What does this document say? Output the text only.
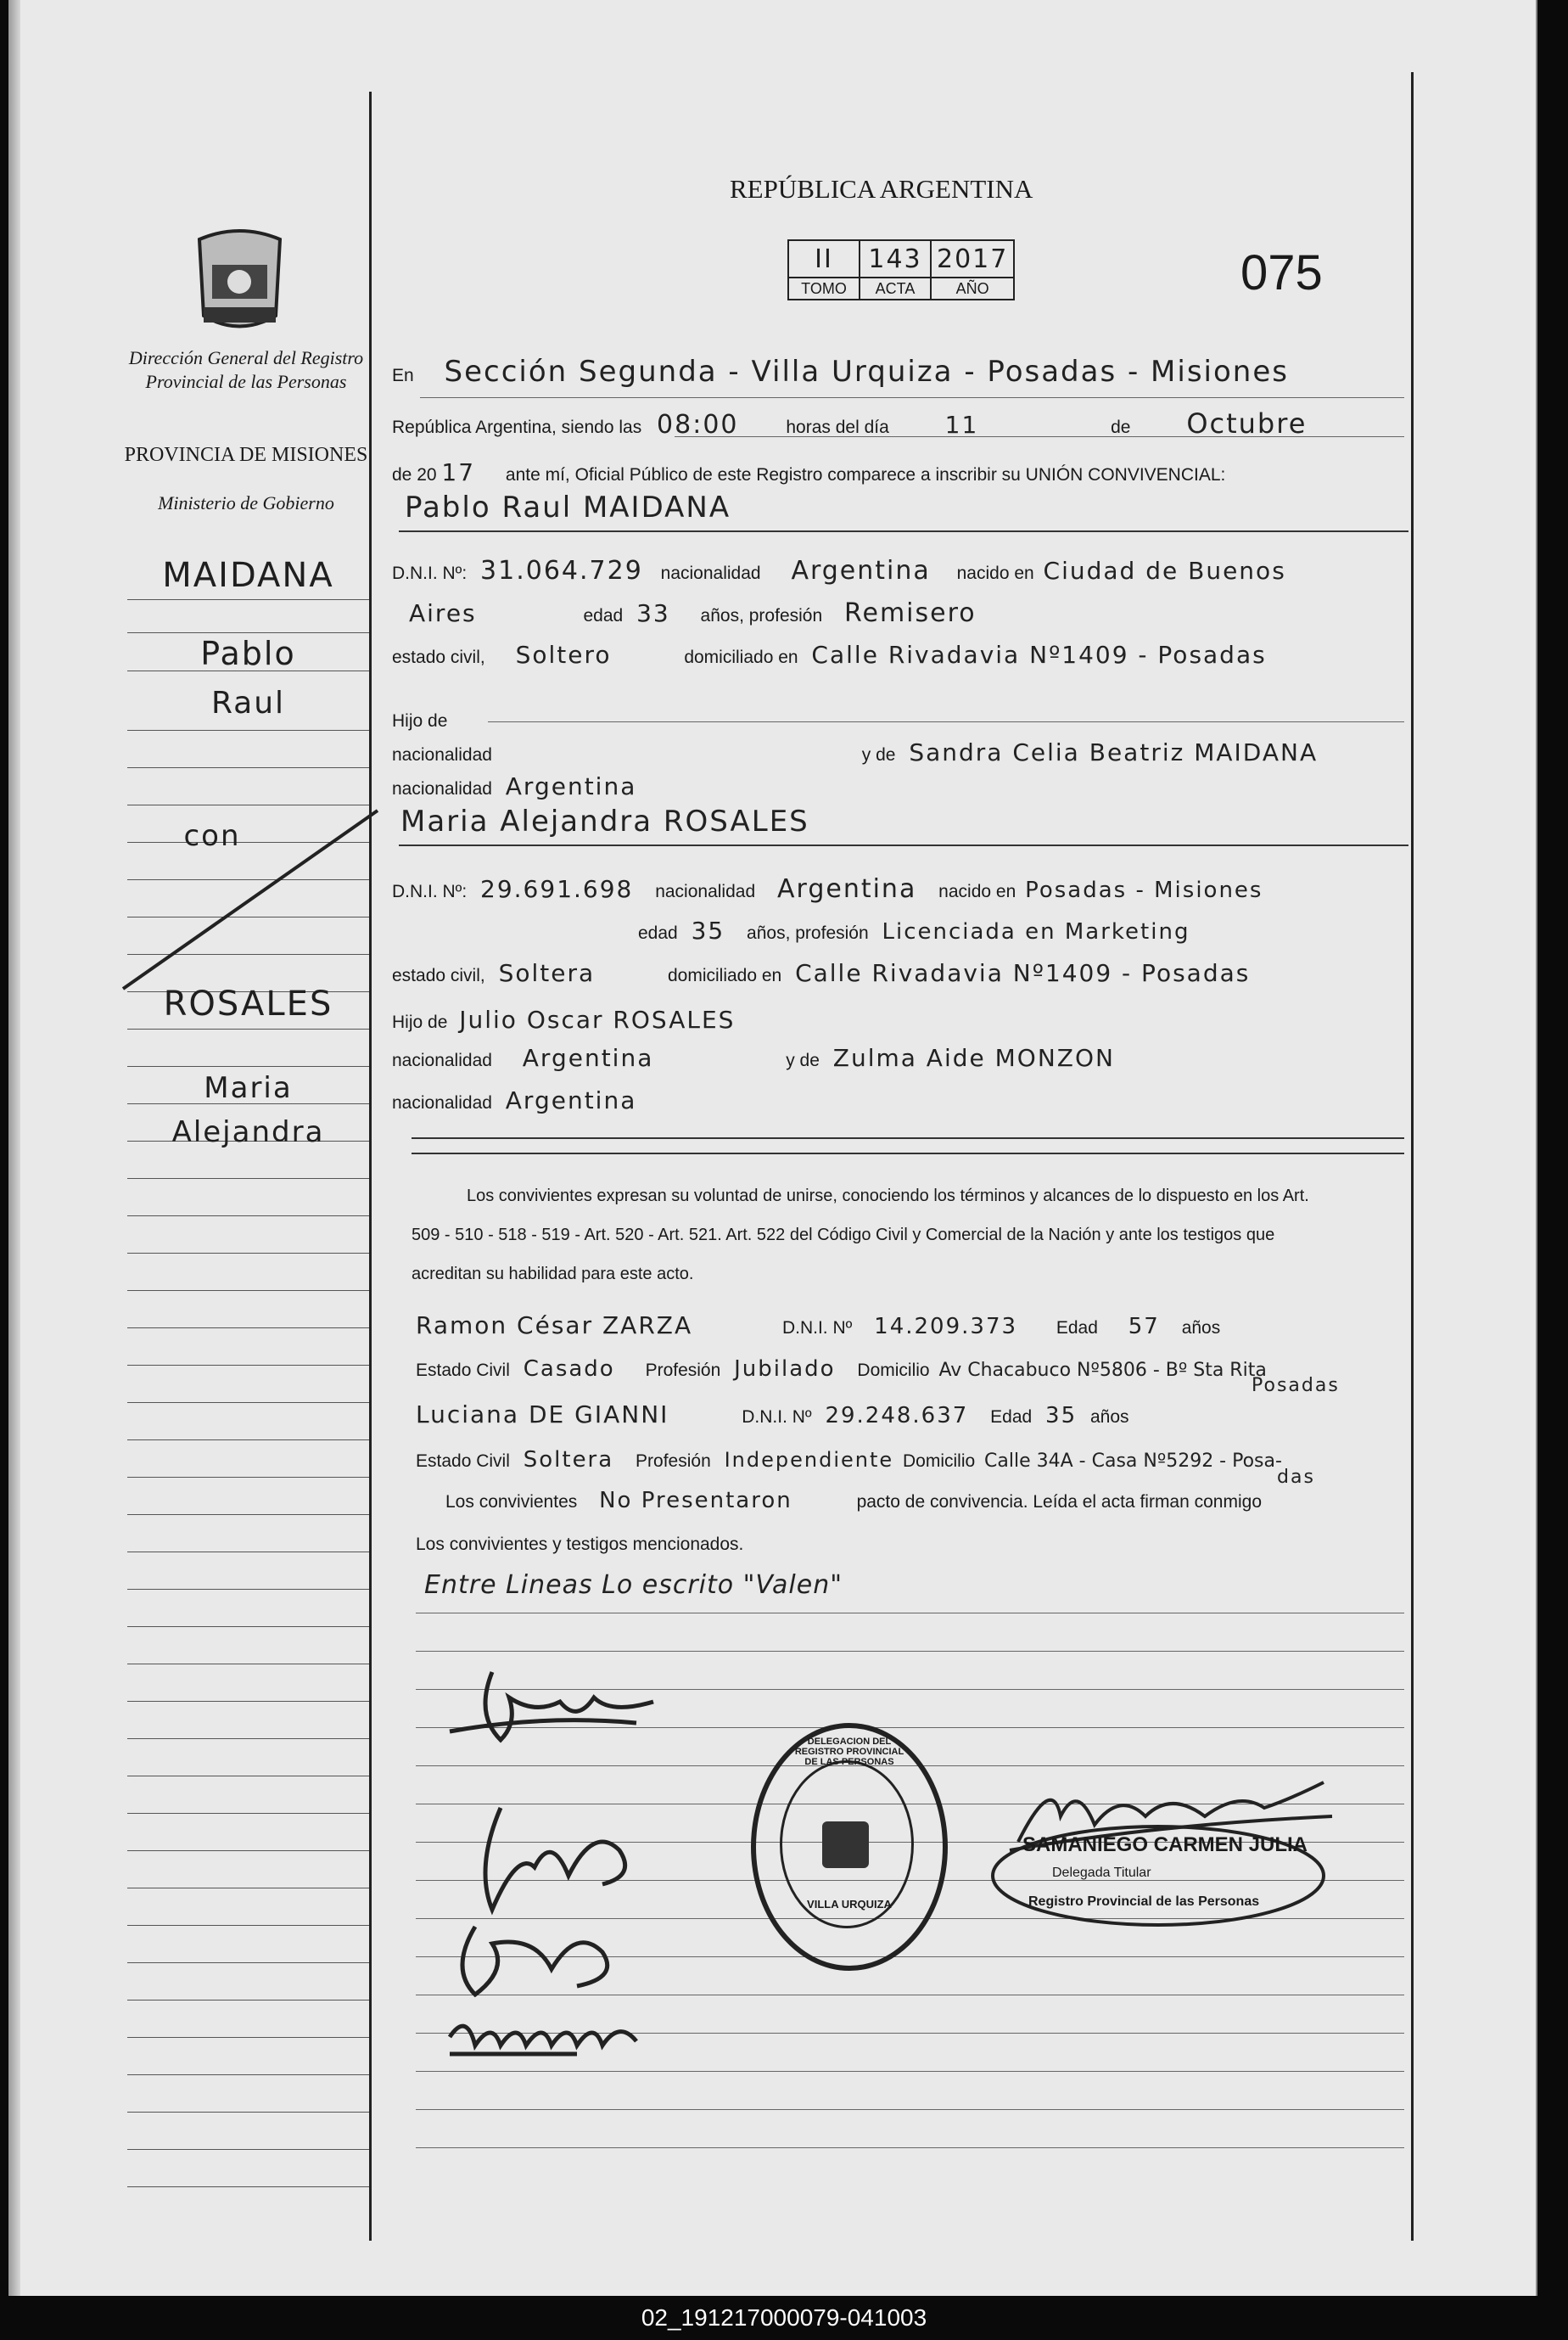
Dirección General del Registro Provincial de las Personas
PROVINCIA DE MISIONES
Ministerio de Gobierno
MAIDANA
Pablo
Raul
con
ROSALES
Maria
Alejandra
REPÚBLICA ARGENTINA
II	143	2017
TOMO	ACTA	AÑO	075
En Sección Segunda - Villa Urquiza - Posadas - Misiones
República Argentina, siendo las 08:00	horas del día 11	de Octubre
de 20 17 ante mí, Oficial Público de este Registro comparece a inscribir su UNIÓN CONVIVENCIAL:
Pablo Raul MAIDANA
D.N.I. Nº: 31.064.729 nacionalidad Argentina nacido en Ciudad de Buenos
Aires	edad 33 años, profesión Remisero
estado civil, Soltero	domiciliado en Calle Rivadavia Nº1409 - Posadas
Hijo de
nacionalidad	y de Sandra Celia Beatriz MAIDANA
nacionalidad Argentina
Maria Alejandra ROSALES
D.N.I. Nº: 29.691.698 nacionalidad Argentina nacido en Posadas - Misiones
edad 35 años, profesión Licenciada en Marketing
estado civil, Soltera	domiciliado en Calle Rivadavia Nº1409 - Posadas
Hijo de Julio Oscar ROSALES
nacionalidad Argentina	y de Zulma Aide MONZON
nacionalidad Argentina
Los convivientes expresan su voluntad de unirse, conociendo los términos y alcances de lo dispuesto en los Art.
509 - 510 - 518 - 519 - Art. 520 - Art. 521. Art. 522 del Código Civil y Comercial de la Nación y ante los testigos que
acreditan su habilidad para este acto.
Ramon César ZARZA	D.N.I. Nº 14.209.373 Edad 57 años
Estado Civil Casado Profesión Jubilado Domicilio Av Chacabuco Nº5806 - Bº Sta Rita
Posadas
Luciana DE GIANNI	D.N.I. Nº 29.248.637 Edad 35 años
Estado Civil Soltera Profesión Independiente Domicilio Calle 34A - Casa Nº5292 - Posa-
das
Los convivientes No Presentaron	pacto de convivencia. Leída el acta firman conmigo
Los convivientes y testigos mencionados.
Entre Lineas Lo escrito "Valen"
DELEGACION DEL REGISTRO PROVINCIAL DE LAS PERSONAS
VILLA URQUIZA
SAMANIEGO CARMEN JULIA
Delegada Titular
Registro Provincial de las Personas
02_191217000079-041003
